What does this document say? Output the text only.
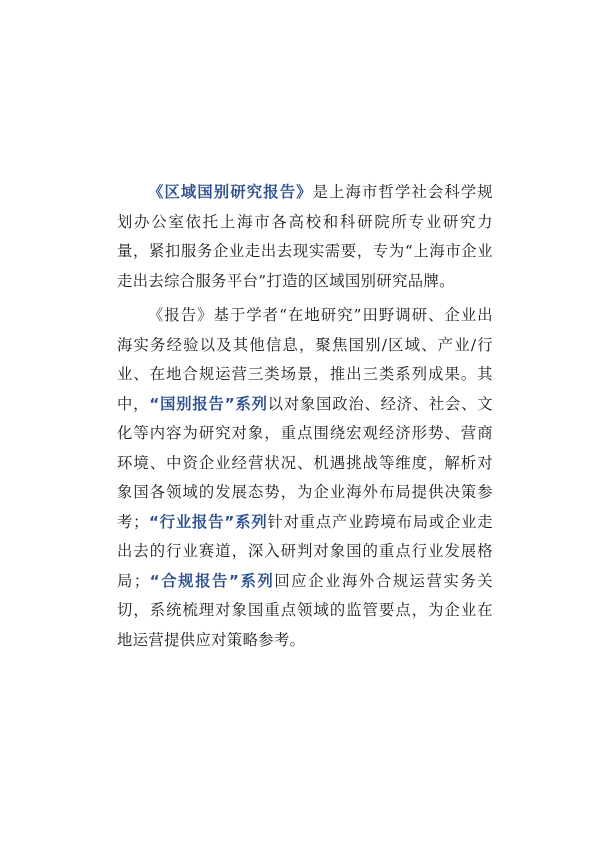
《区域国别研究报告》是上海市哲学社会科学规划办公室依托上海市各高校和科研院所专业研究力量，紧扣服务企业走出去现实需要，专为“上海市企业走出去综合服务平台”打造的区域国别研究品牌。

《报告》基于学者“在地研究”田野调研、企业出海实务经验以及其他信息，聚焦国别/区域、产业/行业、在地合规运营三类场景，推出三类系列成果。其中，“国别报告”系列以对象国政治、经济、社会、文化等内容为研究对象，重点围绕宏观经济形势、营商环境、中资企业经营状况、机遇挑战等维度，解析对象国各领域的发展态势，为企业海外布局提供决策参考；“行业报告”系列针对重点产业跨境布局或企业走出去的行业赛道，深入研判对象国的重点行业发展格局；“合规报告”系列回应企业海外合规运营实务关切，系统梳理对象国重点领域的监管要点，为企业在地运营提供应对策略参考。
